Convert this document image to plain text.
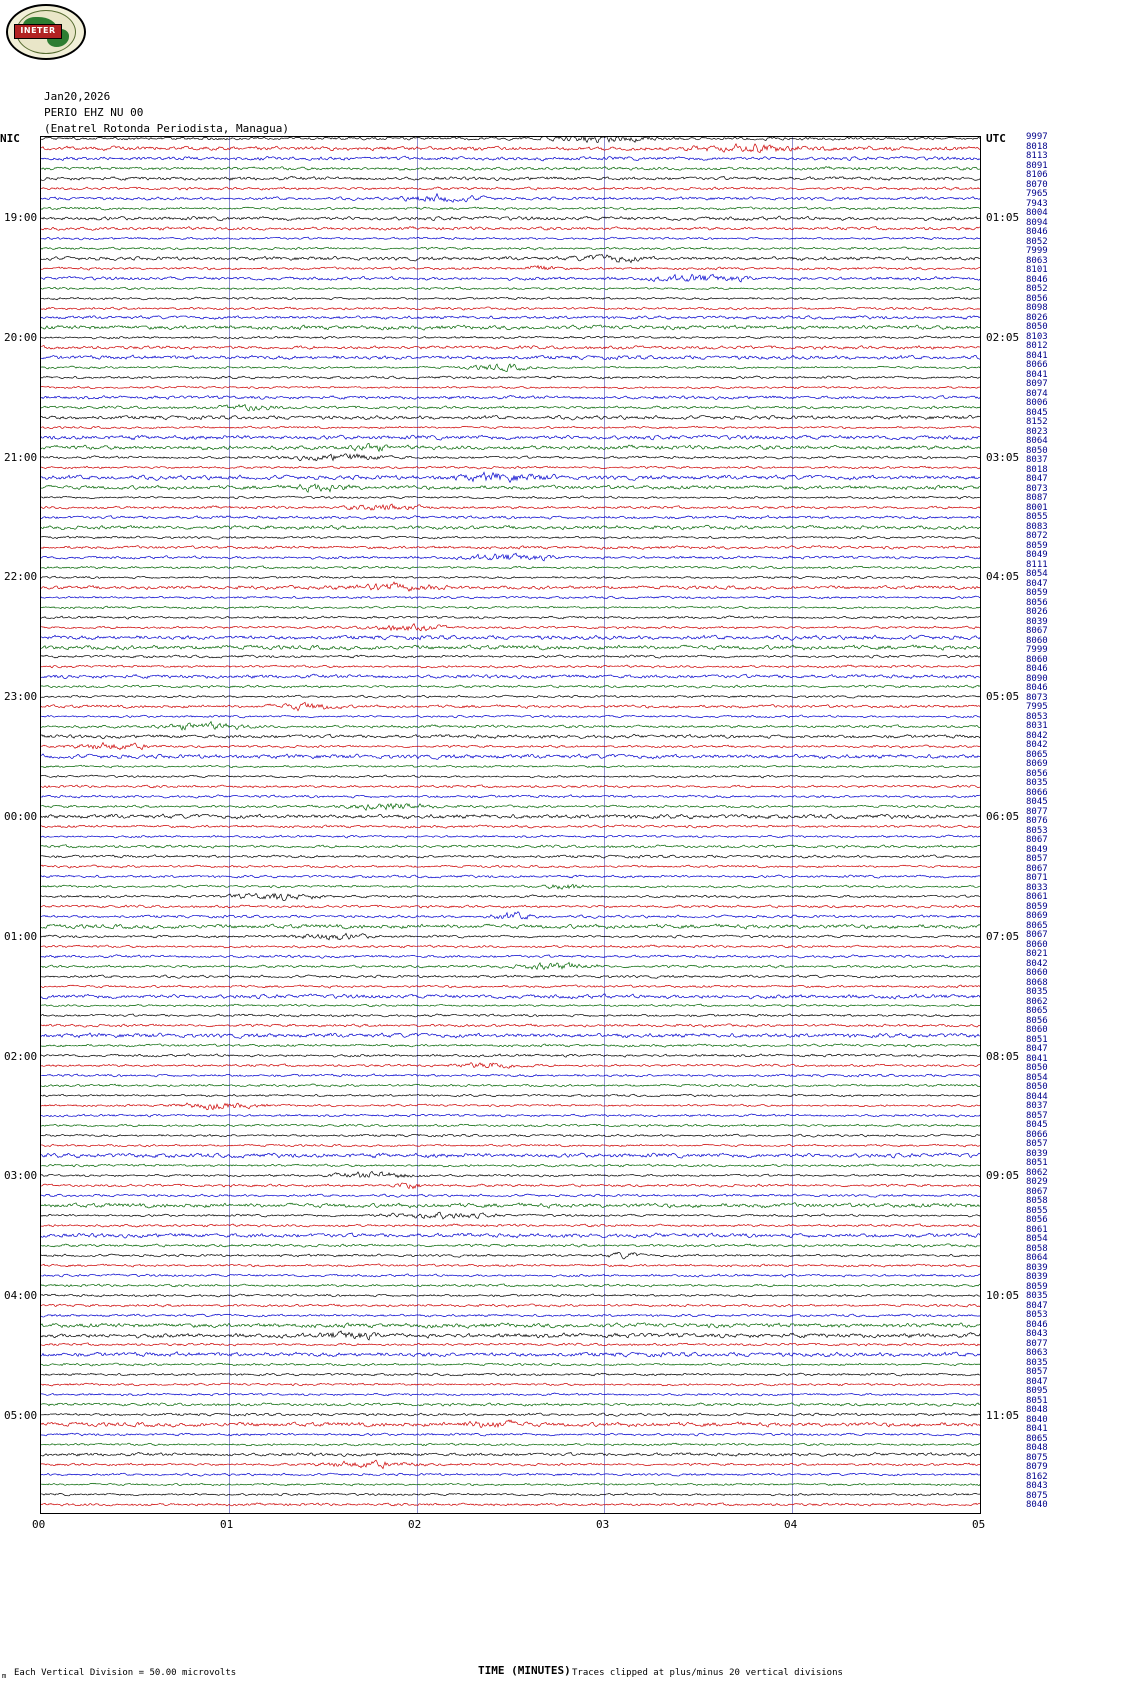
INETER
Jan20,2026
PERIO EHZ NU 00
(Enatrel Rotonda Periodista, Managua)
NIC	UTC
19:00
20:00
21:00
22:00
23:00
00:00
01:00
02:00
03:00
04:00
05:00
01:05
02:05
03:05
04:05
05:05
06:05
07:05
08:05
09:05
10:05
11:05
9997
8018
8113
8091
8106
8070
7965
7943
8004
8094
8046
8052
7999
8063
8101
8046
8052
8056
8098
8026
8050
8103
8012
8041
8066
8041
8097
8074
8006
8045
8152
8023
8064
8050
8037
8018
8047
8073
8087
8001
8055
8083
8072
8059
8049
8111
8054
8047
8059
8056
8026
8039
8067
8060
7999
8060
8046
8090
8046
8073
7995
8053
8031
8042
8042
8065
8069
8056
8035
8066
8045
8077
8076
8053
8067
8049
8057
8067
8071
8033
8061
8059
8069
8065
8067
8060
8021
8042
8060
8068
8035
8062
8065
8056
8060
8051
8047
8041
8050
8054
8050
8044
8037
8057
8045
8066
8057
8039
8051
8062
8029
8067
8058
8055
8056
8061
8054
8058
8064
8039
8039
8059
8035
8047
8053
8046
8043
8077
8063
8035
8057
8047
8095
8051
8048
8040
8041
8065
8048
8075
8079
8162
8043
8075
8040
00	01	02	03	04	05
Each Vertical Division = 50.00 microvolts	TIME (MINUTES) Traces clipped at plus/minus 20 vertical divisions
m
